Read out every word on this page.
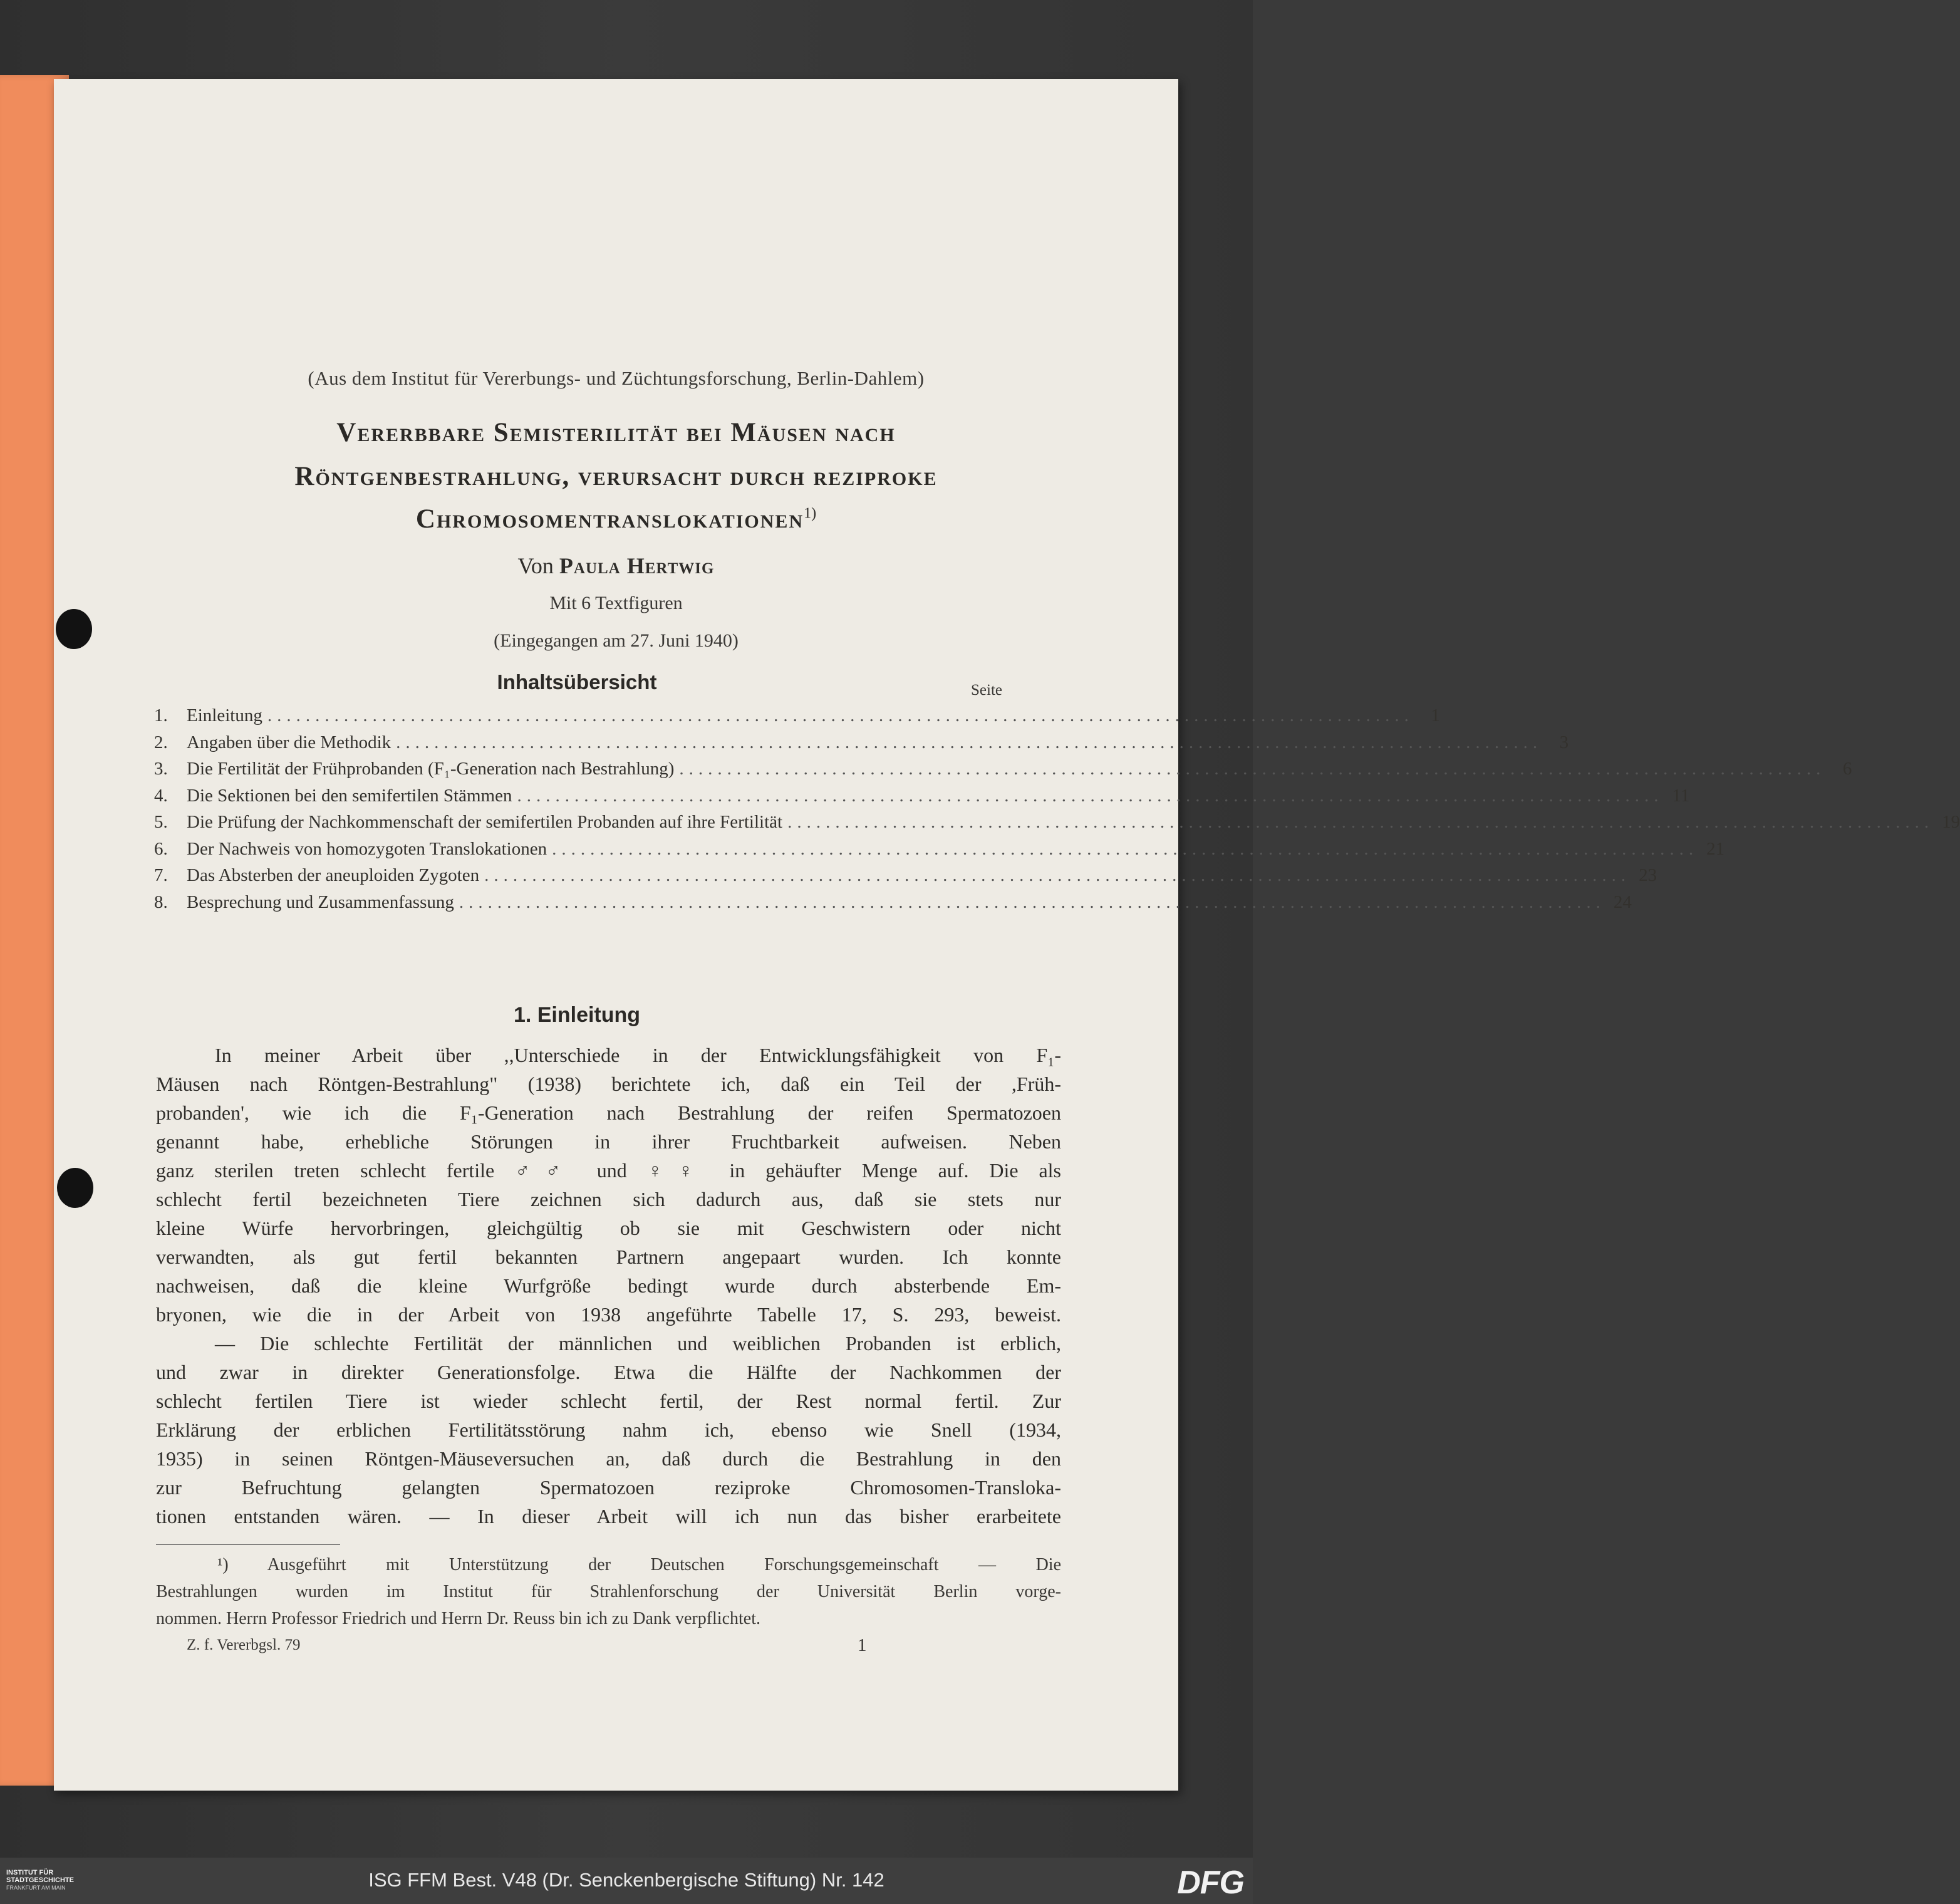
(Aus dem Institut für Vererbungs- und Züchtungsforschung, Berlin-Dahlem)
Vererbbare Semisterilität bei Mäusen nach
Röntgenbestrahlung, verursacht durch reziproke
Chromosomentranslokationen$^{1)}$
Von Paula Hertwig
Mit 6 Textfiguren
(Eingegangen am 27. Juni 1940)
Inhaltsübersicht	Seite
1.	Einleitung ........................................................................................................................ 1
2.	Angaben über die Methodik ........................................................................................................................ 3
3.	Die Fertilität der Frühprobanden (F₁-Generation nach Bestrahlung) ........................................................................................................................ 6
4.	Die Sektionen bei den semifertilen Stämmen ........................................................................................................................ 11
5.	Die Prüfung der Nachkommenschaft der semifertilen Probanden auf ihre Fertilität ........................................................................................................................ 19
6.	Der Nachweis von homozygoten Translokationen ........................................................................................................................ 21
7.	Das Absterben der aneuploiden Zygoten ........................................................................................................................ 23
8.	Besprechung und Zusammenfassung ........................................................................................................................ 24
1. Einleitung
In meiner Arbeit über ,,Unterschiede in der Entwicklungsfähigkeit von F₁-
Mäusen nach Röntgen-Bestrahlung" (1938) berichtete ich, daß ein Teil der ,Früh-
probanden', wie ich die F₁-Generation nach Bestrahlung der reifen Spermatozoen
genannt habe, erhebliche Störungen in ihrer Fruchtbarkeit aufweisen. Neben
ganz sterilen treten schlecht fertile ♂♂ und ♀♀ in gehäufter Menge auf. Die als
schlecht fertil bezeichneten Tiere zeichnen sich dadurch aus, daß sie stets nur
kleine Würfe hervorbringen, gleichgültig ob sie mit Geschwistern oder nicht
verwandten, als gut fertil bekannten Partnern angepaart wurden. Ich konnte
nachweisen, daß die kleine Wurfgröße bedingt wurde durch absterbende Em-
bryonen, wie die in der Arbeit von 1938 angeführte Tabelle 17, S. 293, beweist.
— Die schlechte Fertilität der männlichen und weiblichen Probanden ist erblich,
und zwar in direkter Generationsfolge. Etwa die Hälfte der Nachkommen der
schlecht fertilen Tiere ist wieder schlecht fertil, der Rest normal fertil. Zur
Erklärung der erblichen Fertilitätsstörung nahm ich, ebenso wie Snell (1934,
1935) in seinen Röntgen-Mäuseversuchen an, daß durch die Bestrahlung in den
zur Befruchtung gelangten Spermatozoen reziproke Chromosomen-Transloka-
tionen entstanden wären. — In dieser Arbeit will ich nun das bisher erarbeitete
¹) Ausgeführt mit Unterstützung der Deutschen Forschungsgemeinschaft — Die
Bestrahlungen wurden im Institut für Strahlenforschung der Universität Berlin vorge-
nommen. Herrn Professor Friedrich und Herrn Dr. Reuss bin ich zu Dank verpflichtet.
Z. f. Vererbgsl. 79	1
INSTITUT FÜR
STADTGESCHICHTE
FRANKFURT AM MAIN	ISG FFM Best. V48 (Dr. Senckenbergische Stiftung) Nr. 142	DFG
